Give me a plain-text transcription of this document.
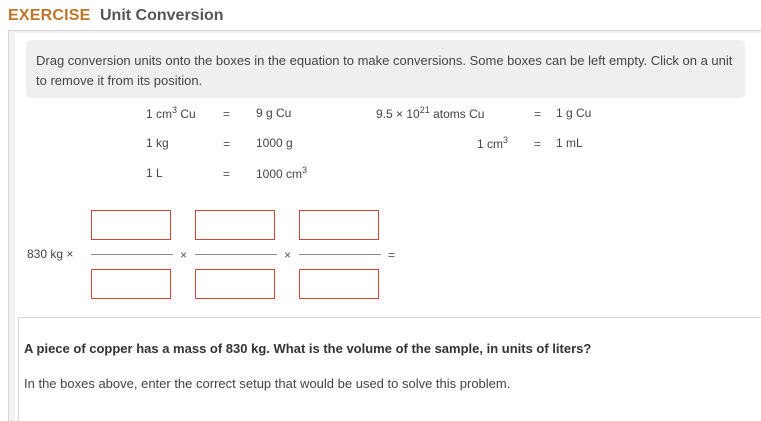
EXERCISE Unit Conversion

Drag conversion units onto the boxes in the equation to make conversions. Some boxes can be left empty. Click on a unit to remove it from its position.

1 $cm^3$ Cu = 9 g Cu
1 kg	= 1000 g
1 L	= 1000 $cm^3$
$9.5 \times 10^{21}$ atoms Cu	= 1 g Cu
1 $cm^3 = 1$ mL
830 kg ×	×	×	=
A piece of copper has a mass of 830 kg. What is the volume of the sample, in units of liters?
In the boxes above, enter the correct setup that would be used to solve this problem.
